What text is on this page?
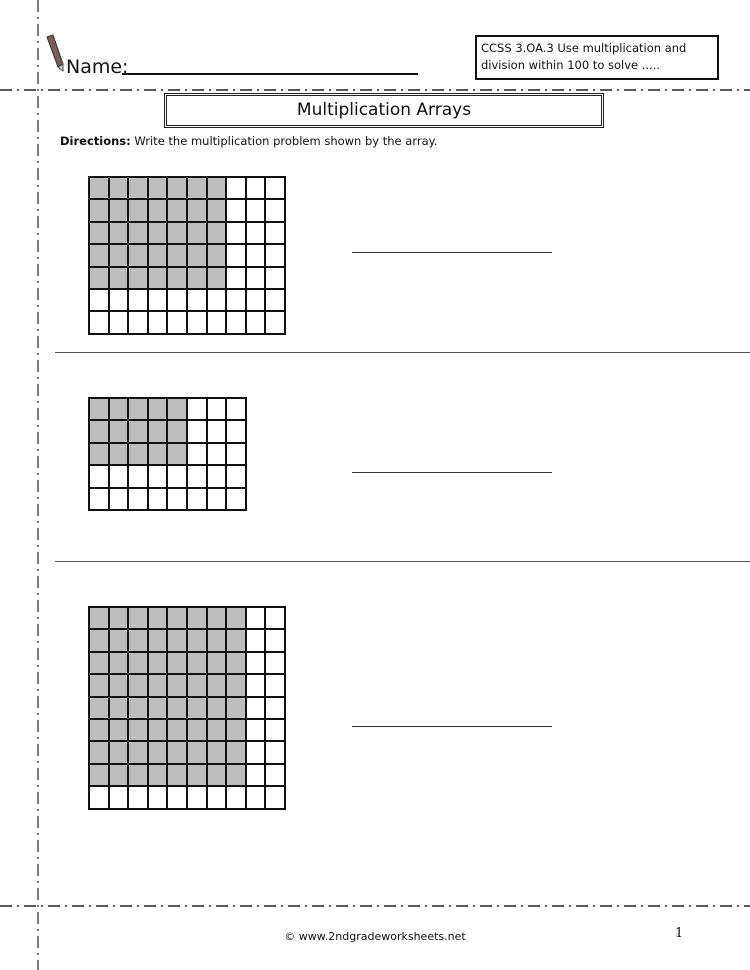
Name:
CCSS 3.OA.3 Use multiplication and division within 100 to solve .....
Multiplication Arrays
Directions: Write the multiplication problem shown by the array.
© www.2ndgradeworksheets.net	1
